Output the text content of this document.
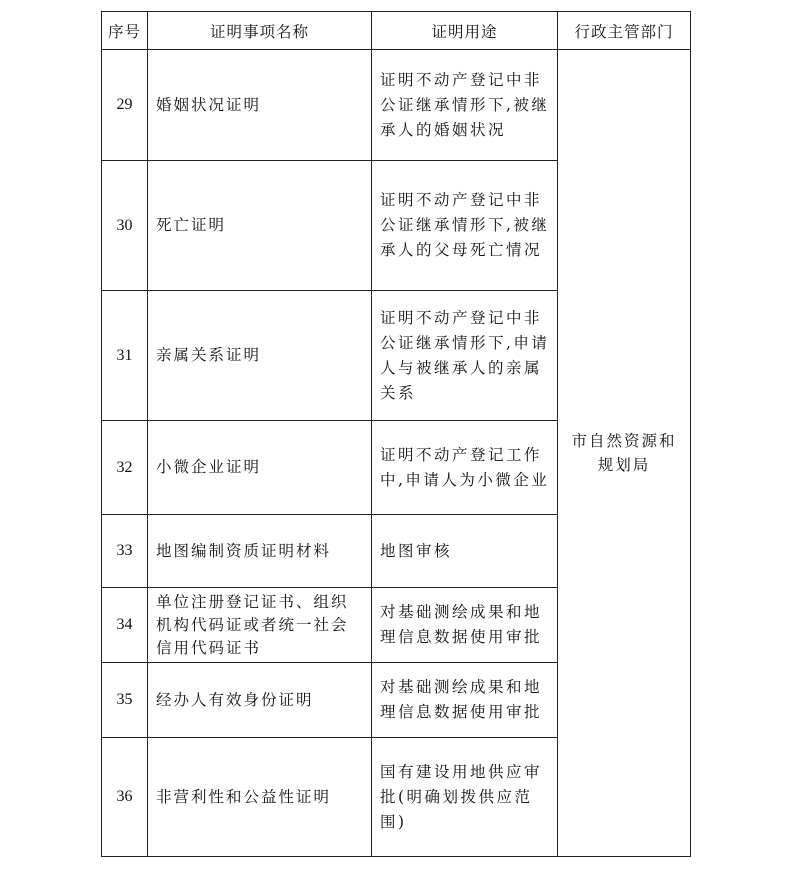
序号	证明事项名称	证明用途	行政主管部门
29	婚姻状况证明	证明不动产登记中非公证继承情形下,被继承人的婚姻状况	市自然资源和规划局
30	死亡证明	证明不动产登记中非公证继承情形下,被继承人的父母死亡情况	
31	亲属关系证明	证明不动产登记中非公证继承情形下,申请人与被继承人的亲属关系	
32	小微企业证明	证明不动产登记工作中,申请人为小微企业	
33	地图编制资质证明材料	地图审核	
34	单位注册登记证书、组织机构代码证或者统一社会信用代码证书	对基础测绘成果和地理信息数据使用审批	
35	经办人有效身份证明	对基础测绘成果和地理信息数据使用审批	
36	非营利性和公益性证明	国有建设用地供应审批(明确划拨供应范围)	
